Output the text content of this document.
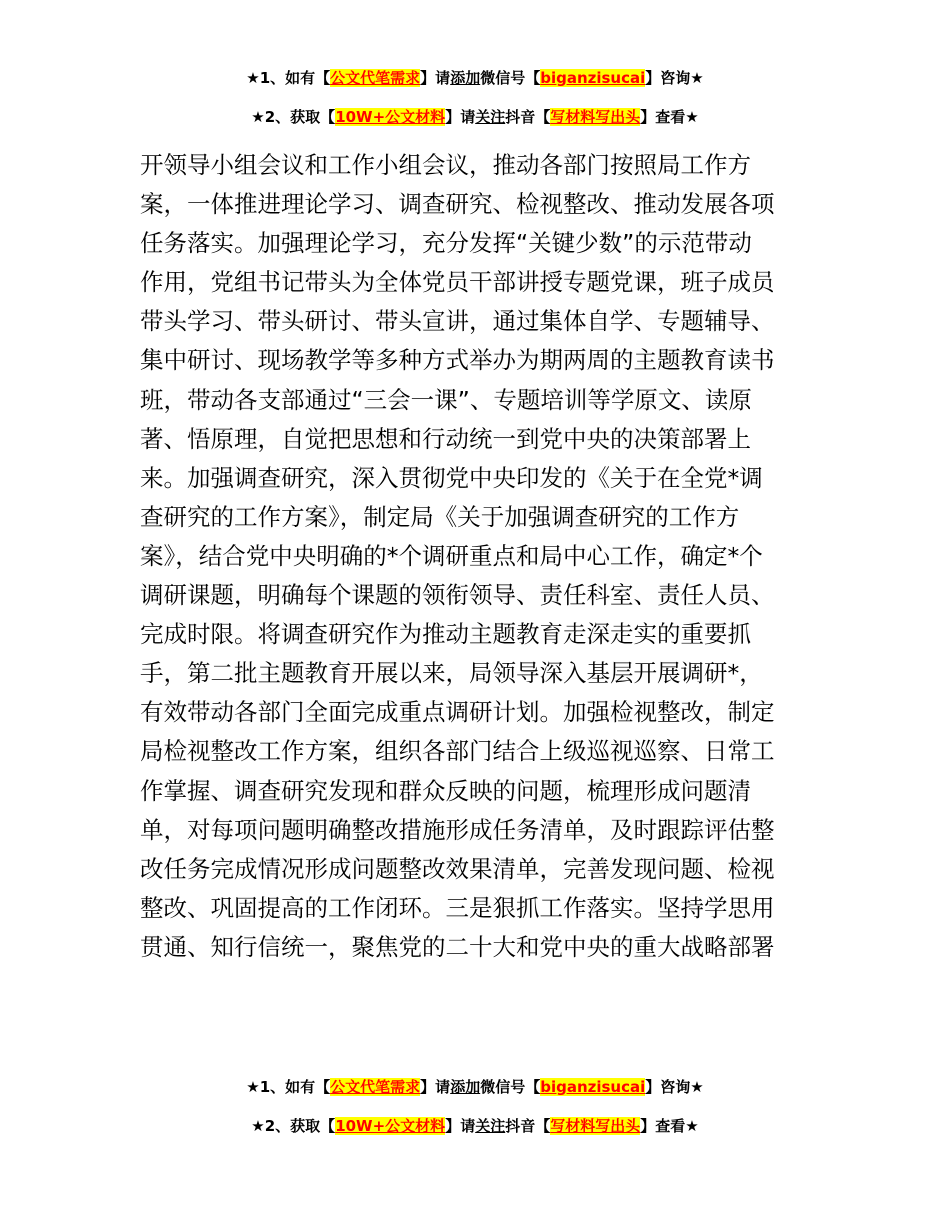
★1、如有【公文代笔需求】请添加微信号【biganzisucai】咨询★
★2、获取【10W+公文材料】请关注抖音【写材料写出头】查看★
开领导小组会议和工作小组会议，推动各部门按照局工作方
案，一体推进理论学习、调查研究、检视整改、推动发展各项
任务落实。加强理论学习，充分发挥“关键少数”的示范带动
作用，党组书记带头为全体党员干部讲授专题党课，班子成员
带头学习、带头研讨、带头宣讲，通过集体自学、专题辅导、
集中研讨、现场教学等多种方式举办为期两周的主题教育读书
班，带动各支部通过“三会一课”、专题培训等学原文、读原
著、悟原理，自觉把思想和行动统一到党中央的决策部署上
来。加强调查研究，深入贯彻党中央印发的《关于在全党*调
查研究的工作方案》，制定局《关于加强调查研究的工作方
案》，结合党中央明确的*个调研重点和局中心工作，确定*个
调研课题，明确每个课题的领衔领导、责任科室、责任人员、
完成时限。将调查研究作为推动主题教育走深走实的重要抓
手，第二批主题教育开展以来，局领导深入基层开展调研*，
有效带动各部门全面完成重点调研计划。加强检视整改，制定
局检视整改工作方案，组织各部门结合上级巡视巡察、日常工
作掌握、调查研究发现和群众反映的问题，梳理形成问题清
单，对每项问题明确整改措施形成任务清单，及时跟踪评估整
改任务完成情况形成问题整改效果清单，完善发现问题、检视
整改、巩固提高的工作闭环。三是狠抓工作落实。坚持学思用
贯通、知行信统一，聚焦党的二十大和党中央的重大战略部署
★1、如有【公文代笔需求】请添加微信号【biganzisucai】咨询★
★2、获取【10W+公文材料】请关注抖音【写材料写出头】查看★
